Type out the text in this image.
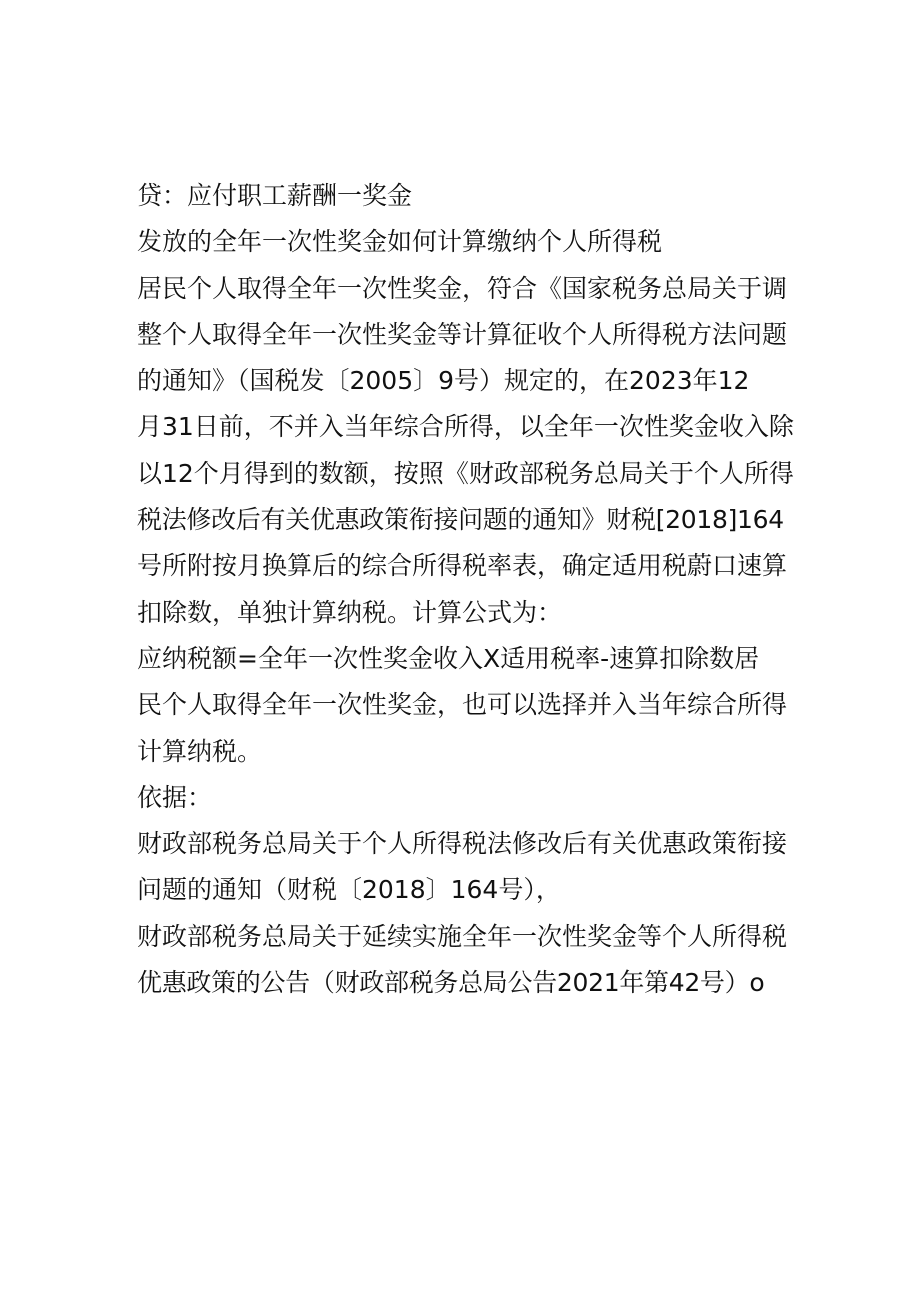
贷：应付职工薪酬一奖金
发放的全年一次性奖金如何计算缴纳个人所得税
居民个人取得全年一次性奖金，符合《国家税务总局关于调
整个人取得全年一次性奖金等计算征收个人所得税方法问题
的通知》（国税发〔2005〕9号）规定的，在2023年12
月31日前，不并入当年综合所得，以全年一次性奖金收入除
以12个月得到的数额，按照《财政部税务总局关于个人所得
税法修改后有关优惠政策衔接问题的通知》财税[2018]164
号所附按月换算后的综合所得税率表，确定适用税蔚口速算
扣除数，单独计算纳税。计算公式为：
应纳税额=全年一次性奖金收入X适用税率-速算扣除数居
民个人取得全年一次性奖金，也可以选择并入当年综合所得
计算纳税。
依据：
财政部税务总局关于个人所得税法修改后有关优惠政策衔接
问题的通知（财税〔2018〕164号），
财政部税务总局关于延续实施全年一次性奖金等个人所得税
优惠政策的公告（财政部税务总局公告2021年第42号）o
